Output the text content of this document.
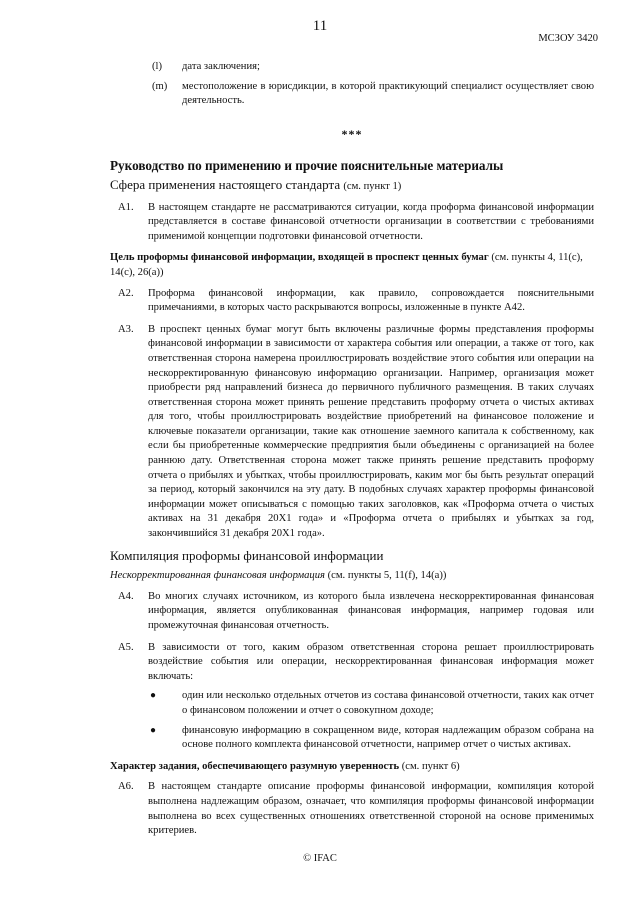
11
МСЗОУ 3420
(l)	дата заключения;
(m)	местоположение в юрисдикции, в которой практикующий специалист осуществляет свою деятельность.
***
Руководство по применению и прочие пояснительные материалы
Сфера применения настоящего стандарта (см. пункт 1)
A1.	В настоящем стандарте не рассматриваются ситуации, когда проформа финансовой информации представляется в составе финансовой отчетности организации в соответствии с требованиями применимой концепции подготовки финансовой отчетности.
Цель проформы финансовой информации, входящей в проспект ценных бумаг (см. пункты 4, 11(c), 14(c), 26(a))
A2.	Проформа финансовой информации, как правило, сопровождается пояснительными примечаниями, в которых часто раскрываются вопросы, изложенные в пункте A42.
A3.	В проспект ценных бумаг могут быть включены различные формы представления проформы финансовой информации в зависимости от характера события или операции, а также от того, как ответственная сторона намерена проиллюстрировать воздействие этого события или операции на нескорректированную финансовую информацию организации. Например, организация может приобрести ряд направлений бизнеса до первичного публичного размещения. В таких случаях ответственная сторона может принять решение представить проформу отчета о чистых активах для того, чтобы проиллюстрировать воздействие приобретений на финансовое положение и ключевые показатели организации, такие как отношение заемного капитала к собственному, как если бы приобретенные коммерческие предприятия были объединены с организацией на более раннюю дату. Ответственная сторона может также принять решение представить проформу отчета о прибылях и убытках, чтобы проиллюстрировать, каким мог бы быть результат операций за период, который закончился на эту дату. В подобных случаях характер проформы финансовой информации может описываться с помощью таких заголовков, как «Проформа отчета о чистых активах на 31 декабря 20X1 года» и «Проформа отчета о прибылях и убытках за год, закончившийся 31 декабря 20X1 года».
Компиляция проформы финансовой информации
Нескорректированная финансовая информация (см. пункты 5, 11(f), 14(a))
A4.	Во многих случаях источником, из которого была извлечена нескорректированная финансовая информация, является опубликованная финансовая информация, например годовая или промежуточная финансовая отчетность.
A5.	В зависимости от того, каким образом ответственная сторона решает проиллюстрировать воздействие события или операции, нескорректированная финансовая информация может включать:
●	один или несколько отдельных отчетов из состава финансовой отчетности, таких как отчет о финансовом положении и отчет о совокупном доходе;
●	финансовую информацию в сокращенном виде, которая надлежащим образом собрана на основе полного комплекта финансовой отчетности, например отчет о чистых активах.
Характер задания, обеспечивающего разумную уверенность (см. пункт 6)
A6.	В настоящем стандарте описание проформы финансовой информации, компиляция которой выполнена надлежащим образом, означает, что компиляция проформы финансовой информации выполнена во всех существенных отношениях ответственной стороной на основе применимых критериев.
© IFAC
